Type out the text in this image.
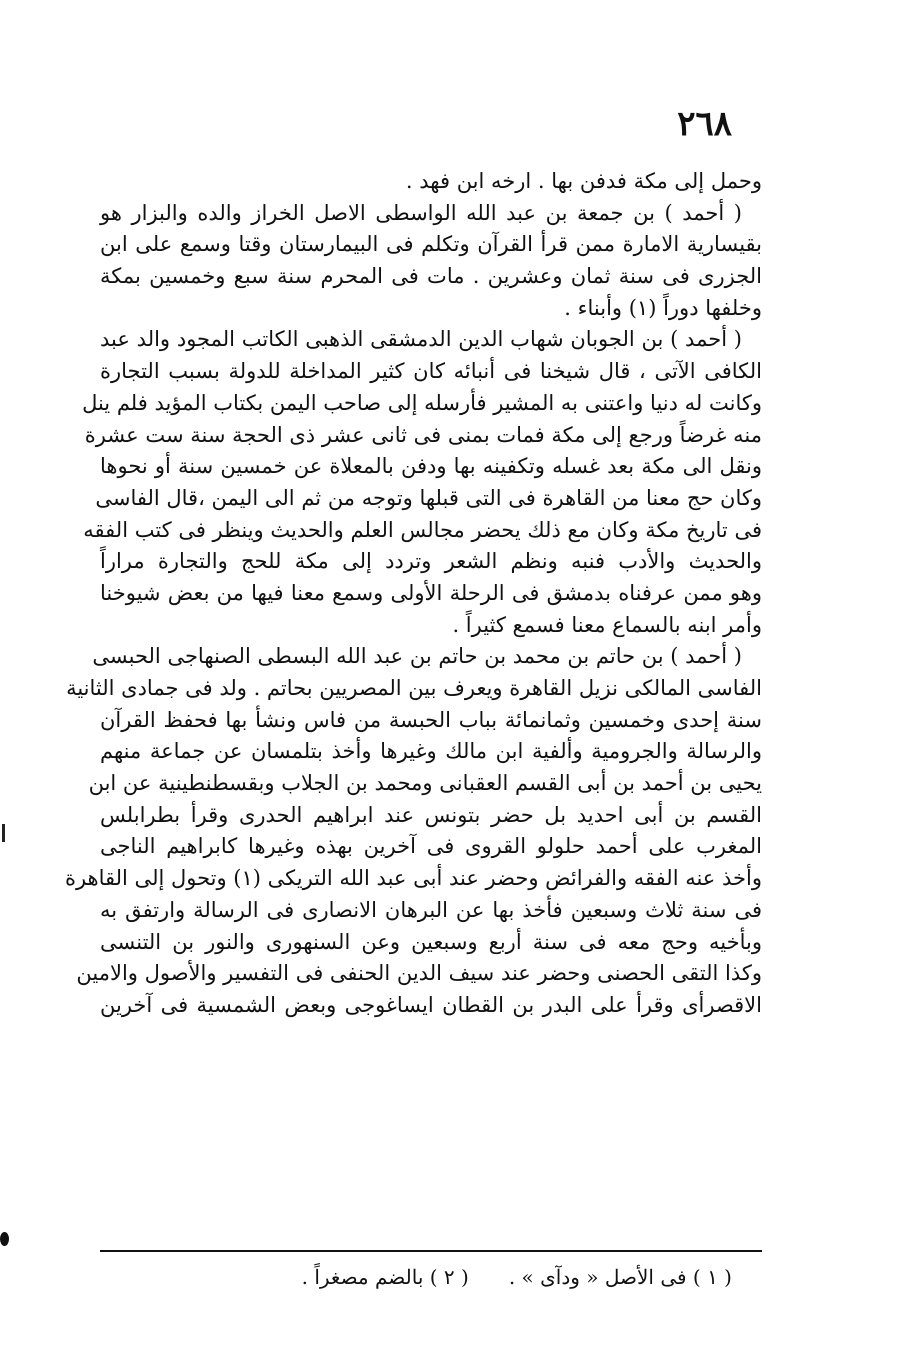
٢٦٨
وحمل إلى مكة فدفن بها . ارخه ابن فهد .
( أحمد ) بن جمعة بن عبد الله الواسطى الاصل الخراز والده والبزار هو
بقيسارية الامارة ممن قرأ القرآن وتكلم فى البيمارستان وقتا وسمع على ابن
الجزرى فى سنة ثمان وعشرين . مات فى المحرم سنة سبع وخمسين بمكة
وخلفها دوراً (١) وأبناء .
( أحمد ) بن الجوبان شهاب الدين الدمشقى الذهبى الكاتب المجود والد عبد
الكافى الآتى ، قال شيخنا فى أنبائه كان كثير المداخلة للدولة بسبب التجارة
وكانت له دنيا واعتنى به المشير فأرسله إلى صاحب اليمن بكتاب المؤيد فلم ينل
منه غرضاً ورجع إلى مكة فمات بمنى فى ثانى عشر ذى الحجة سنة ست عشرة
ونقل الى مكة بعد غسله وتكفينه بها ودفن بالمعلاة عن خمسين سنة أو نحوها
وكان حج معنا من القاهرة فى التى قبلها وتوجه من ثم الى اليمن ،قال الفاسى
فى تاريخ مكة وكان مع ذلك يحضر مجالس العلم والحديث وينظر فى كتب الفقه
والحديث والأدب فنبه ونظم الشعر وتردد إلى مكة للحج والتجارة مراراً
وهو ممن عرفناه بدمشق فى الرحلة الأولى وسمع معنا فيها من بعض شيوخنا
وأمر ابنه بالسماع معنا فسمع كثيراً .
( أحمد ) بن حاتم بن محمد بن حاتم بن عبد الله البسطى الصنهاجى الحبسى
الفاسى المالكى نزيل القاهرة ويعرف بين المصريين بحاتم . ولد فى جمادى الثانية
سنة إحدى وخمسين وثمانمائة بباب الحبسة من فاس ونشأ بها فحفظ القرآن
والرسالة والجرومية وألفية ابن مالك وغيرها وأخذ بتلمسان عن جماعة منهم
يحيى بن أحمد بن أبى القسم العقبانى ومحمد بن الجلاب وبقسطنطينية عن ابن
القسم بن أبى احديد بل حضر بتونس عند ابراهيم الحدرى وقرأ بطرابلس
المغرب على أحمد حلولو القروى فى آخرين بهذه وغيرها كابراهيم الناجى
وأخذ عنه الفقه والفرائض وحضر عند أبى عبد الله التريكى (١) وتحول إلى القاهرة
فى سنة ثلاث وسبعين فأخذ بها عن البرهان الانصارى فى الرسالة وارتفق به
وبأخيه وحج معه فى سنة أربع وسبعين وعن السنهورى والنور بن التنسى
وكذا التقى الحصنى وحضر عند سيف الدين الحنفى فى التفسير والأصول والامين
الاقصرأى وقرأ على البدر بن القطان ايساغوجى وبعض الشمسية فى آخرين
( ١ ) فى الأصل « ودآى » .
( ٢ ) بالضم مصغراً .
